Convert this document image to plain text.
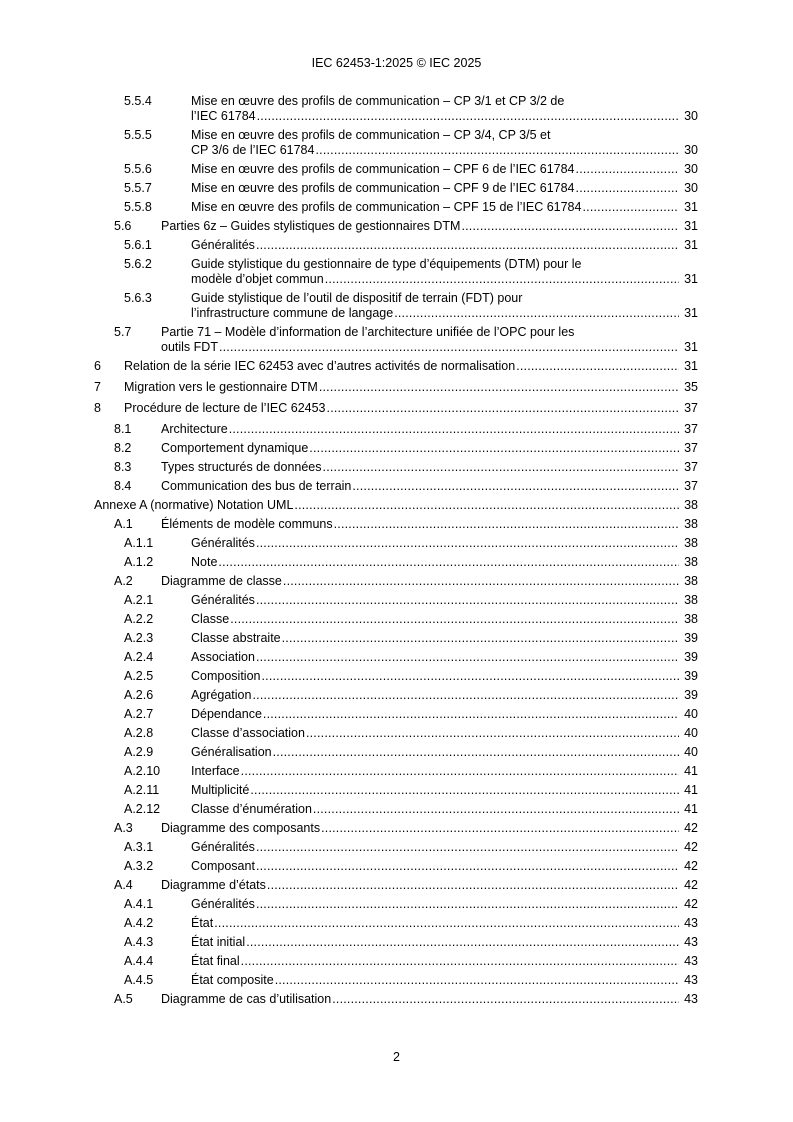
IEC 62453-1:2025 © IEC 2025
5.5.4	Mise en œuvre des profils de communication – CP 3/1 et CP 3/2 de
l’IEC 61784 .....	30
5.5.5	Mise en œuvre des profils de communication – CP 3/4, CP 3/5 et
CP 3/6 de l’IEC 61784 .....	30
5.5.6	Mise en œuvre des profils de communication – CPF 6 de l’IEC 61784 .....	30
5.5.7	Mise en œuvre des profils de communication – CPF 9 de l’IEC 61784 .....	30
5.5.8	Mise en œuvre des profils de communication – CPF 15 de l’IEC 61784 .....	31
5.6 Parties 6z – Guides stylistiques de gestionnaires DTM .....	31
5.6.1	Généralités .....	31
5.6.2	Guide stylistique du gestionnaire de type d’équipements (DTM) pour le
modèle d’objet commun .....	31
5.6.3	Guide stylistique de l’outil de dispositif de terrain (FDT) pour
l’infrastructure commune de langage .....	31
5.7 Partie 71 – Modèle d’information de l’architecture unifiée de l’OPC pour les
outils FDT .....	31
6 Relation de la série IEC 62453 avec d’autres activités de normalisation .....	31
7 Migration vers le gestionnaire DTM .....	35
8 Procédure de lecture de l’IEC 62453 .....	37
8.1 Architecture .....	37
8.2 Comportement dynamique .....	37
8.3 Types structurés de données .....	37
8.4 Communication des bus de terrain .....	37
Annexe A (normative) Notation UML .....	38
A.1 Éléments de modèle communs .....	38
A.1.1	Généralités .....	38
A.1.2	Note .....	38
A.2 Diagramme de classe .....	38
A.2.1	Généralités .....	38
A.2.2	Classe .....	38
A.2.3	Classe abstraite .....	39
A.2.4	Association .....	39
A.2.5	Composition .....	39
A.2.6	Agrégation .....	39
A.2.7	Dépendance .....	40
A.2.8	Classe d’association .....	40
A.2.9	Généralisation .....	40
A.2.10 Interface .....	41
A.2.11	Multiplicité .....	41
A.2.12 Classe d’énumération .....	41
A.3 Diagramme des composants .....	42
A.3.1	Généralités .....	42
A.3.2	Composant .....	42
A.4 Diagramme d’états .....	42
A.4.1	Généralités .....	42
A.4.2	État .....	43
A.4.3	État initial .....	43
A.4.4	État final .....	43
A.4.5	État composite .....	43
A.5 Diagramme de cas d’utilisation .....	43
2
